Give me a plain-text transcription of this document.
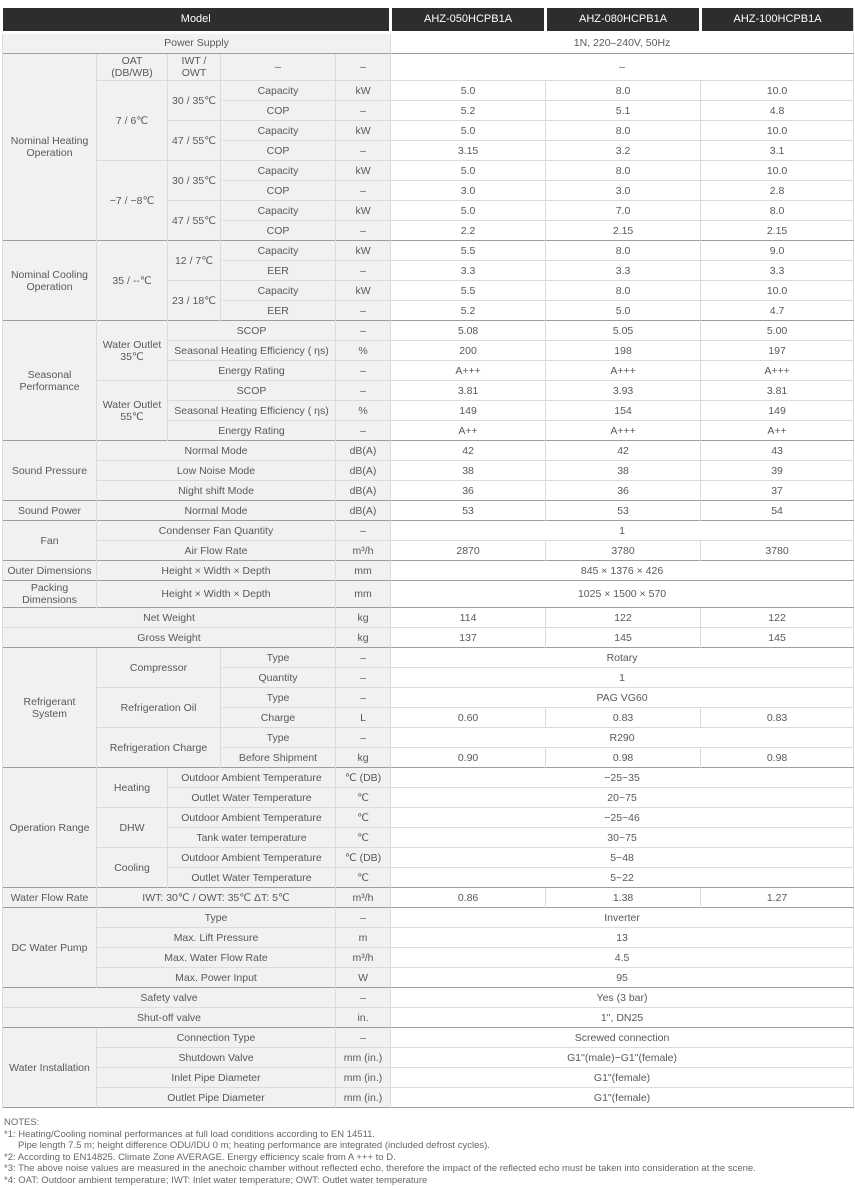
Model					AHZ-050HCPB1A	AHZ-080HCPB1A	AHZ-100HCPB1A
Power Supply					1N, 220–240V, 50Hz		
Nominal Heating Operation	OAT (DB/WB)	IWT / OWT	–	–	–		
	7 / 6℃	30 / 35℃	Capacity	kW	5.0	8.0	10.0
			COP	–	5.2	5.1	4.8
		47 / 55℃	Capacity	kW	5.0	8.0	10.0
			COP	–	3.15	3.2	3.1
	−7 / −8℃	30 / 35℃	Capacity	kW	5.0	8.0	10.0
			COP	–	3.0	3.0	2.8
		47 / 55℃	Capacity	kW	5.0	7.0	8.0
			COP	–	2.2	2.15	2.15
Nominal Cooling Operation	35 / --℃	12 / 7℃	Capacity	kW	5.5	8.0	9.0
			EER	–	3.3	3.3	3.3
		23 / 18℃	Capacity	kW	5.5	8.0	10.0
			EER	–	5.2	5.0	4.7
Seasonal Performance	Water Outlet 35℃	SCOP		–	5.08	5.05	5.00
		Seasonal Heating Efficiency ( ηs)		%	200	198	197
		Energy Rating		–	A+++	A+++	A+++
	Water Outlet 55℃	SCOP		–	3.81	3.93	3.81
		Seasonal Heating Efficiency ( ηs)		%	149	154	149
		Energy Rating		–	A++	A+++	A++
Sound Pressure	Normal Mode			dB(A)	42	42	43
	Low Noise Mode			dB(A)	38	38	39
	Night shift Mode			dB(A)	36	36	37
Sound Power	Normal Mode			dB(A)	53	53	54
Fan	Condenser Fan Quantity			–	1		
	Air Flow Rate			m³/h	2870	3780	3780
Outer Dimensions	Height × Width × Depth			mm	845 × 1376 × 426		
Packing Dimensions	Height × Width × Depth			mm	1025 × 1500 × 570		
Net Weight				kg	114	122	122
Gross Weight				kg	137	145	145
Refrigerant System	Compressor		Type	–	Rotary		
			Quantity	–	1		
	Refrigeration Oil		Type	–	PAG VG60		
			Charge	L	0.60	0.83	0.83
	Refrigeration Charge		Type	–	R290		
			Before Shipment	kg	0.90	0.98	0.98
Operation Range	Heating	Outdoor Ambient Temperature		℃ (DB)	−25~35		
		Outlet Water Temperature		℃	20~75		
	DHW	Outdoor Ambient Temperature		℃	−25~46		
		Tank water temperature		℃	30~75		
	Cooling	Outdoor Ambient Temperature		℃ (DB)	5~48		
		Outlet Water Temperature		℃	5~22		
Water Flow Rate	IWT: 30℃ / OWT: 35℃ ΔT: 5℃			m³/h	0.86	1.38	1.27
DC Water Pump	Type			–	Inverter		
	Max. Lift Pressure			m	13		
	Max. Water Flow Rate			m³/h	4.5		
	Max. Power Input			W	95		
Safety valve				–	Yes (3 bar)		
Shut-off valve				in.	1", DN25		
Water Installation	Connection Type			–	Screwed connection		
	Shutdown Valve			mm (in.)	G1"(male)−G1"(female)		
	Inlet Pipe Diameter			mm (in.)	G1"(female)		
	Outlet Pipe Diameter			mm (in.)	G1"(female)		
NOTES:
*1: Heating/Cooling nominal performances at full load conditions according to EN 14511.
Pipe length 7.5 m; height difference ODU/IDU 0 m; heating performance are integrated (included defrost cycles).
*2: According to EN14825. Climate Zone AVERAGE. Energy efficiency scale from A +++ to D.
*3: The above noise values are measured in the anechoic chamber without reflected echo, therefore the impact of the reflected echo must be taken into consideration at the scene.
*4: OAT: Outdoor ambient temperature; IWT: Inlet water temperature; OWT: Outlet water temperature
